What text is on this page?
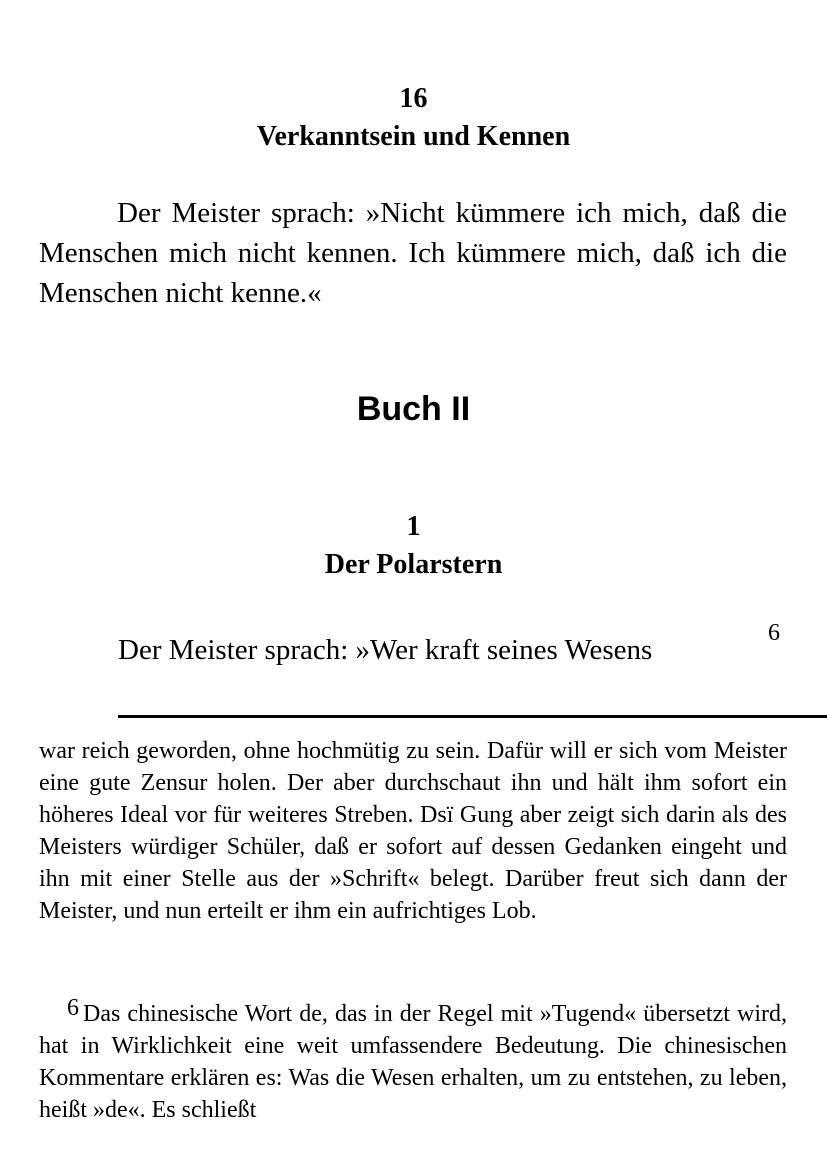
16
Verkanntsein und Kennen
Der Meister sprach: »Nicht kümmere ich mich, daß die Menschen mich nicht kennen. Ich kümmere mich, daß ich die Menschen nicht kenne.«
Buch II
1
Der Polarstern
Der Meister sprach: »Wer kraft seines Wesens
6
war reich geworden, ohne hochmütig zu sein. Dafür will er sich vom Meister eine gute Zensur holen. Der aber durchschaut ihn und hält ihm sofort ein höheres Ideal vor für weiteres Streben. Dsï Gung aber zeigt sich darin als des Meisters würdiger Schüler, daß er sofort auf dessen Gedanken eingeht und ihn mit einer Stelle aus der »Schrift« belegt. Darüber freut sich dann der Meister, und nun erteilt er ihm ein aufrichtiges Lob.
6 Das chinesische Wort de, das in der Regel mit »Tugend« übersetzt wird, hat in Wirklichkeit eine weit umfassendere Bedeutung. Die chinesischen Kommentare erklären es: Was die Wesen erhalten, um zu entstehen, zu leben, heißt »de«. Es schließt
